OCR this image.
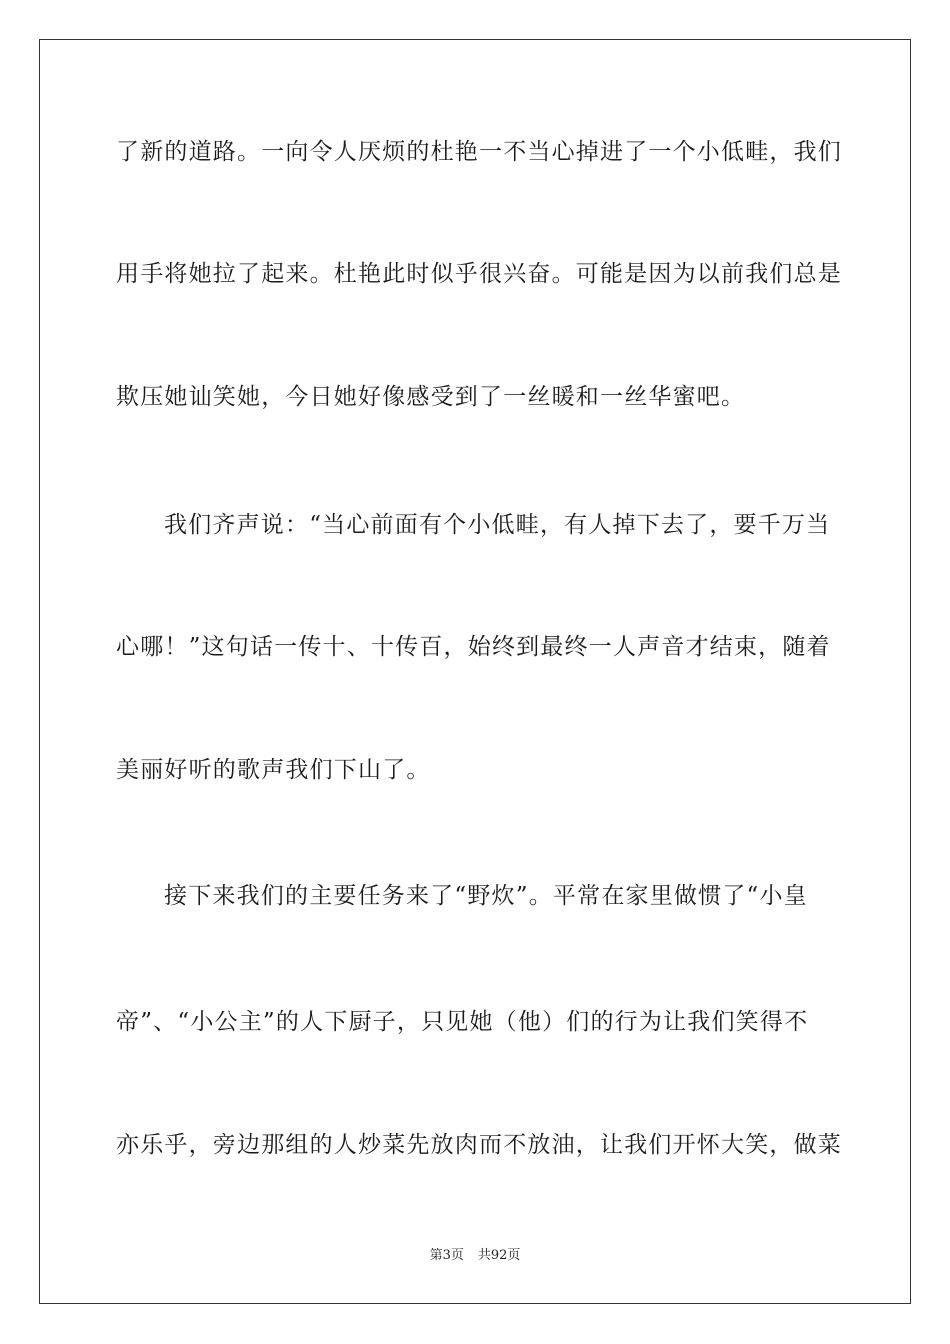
了新的道路。一向令人厌烦的杜艳一不当心掉进了一个小低畦，我们
用手将她拉了起来。杜艳此时似乎很兴奋。可能是因为以前我们总是
欺压她讪笑她，今日她好像感受到了一丝暖和一丝华蜜吧。
我们齐声说：“当心前面有个小低畦，有人掉下去了，要千万当
心哪！”这句话一传十、十传百，始终到最终一人声音才结束，随着
美丽好听的歌声我们下山了。
接下来我们的主要任务来了“野炊”。平常在家里做惯了“小皇
帝”、“小公主”的人下厨子，只见她（他）们的行为让我们笑得不
亦乐乎，旁边那组的人炒菜先放肉而不放油，让我们开怀大笑，做菜
第3页 共92页
